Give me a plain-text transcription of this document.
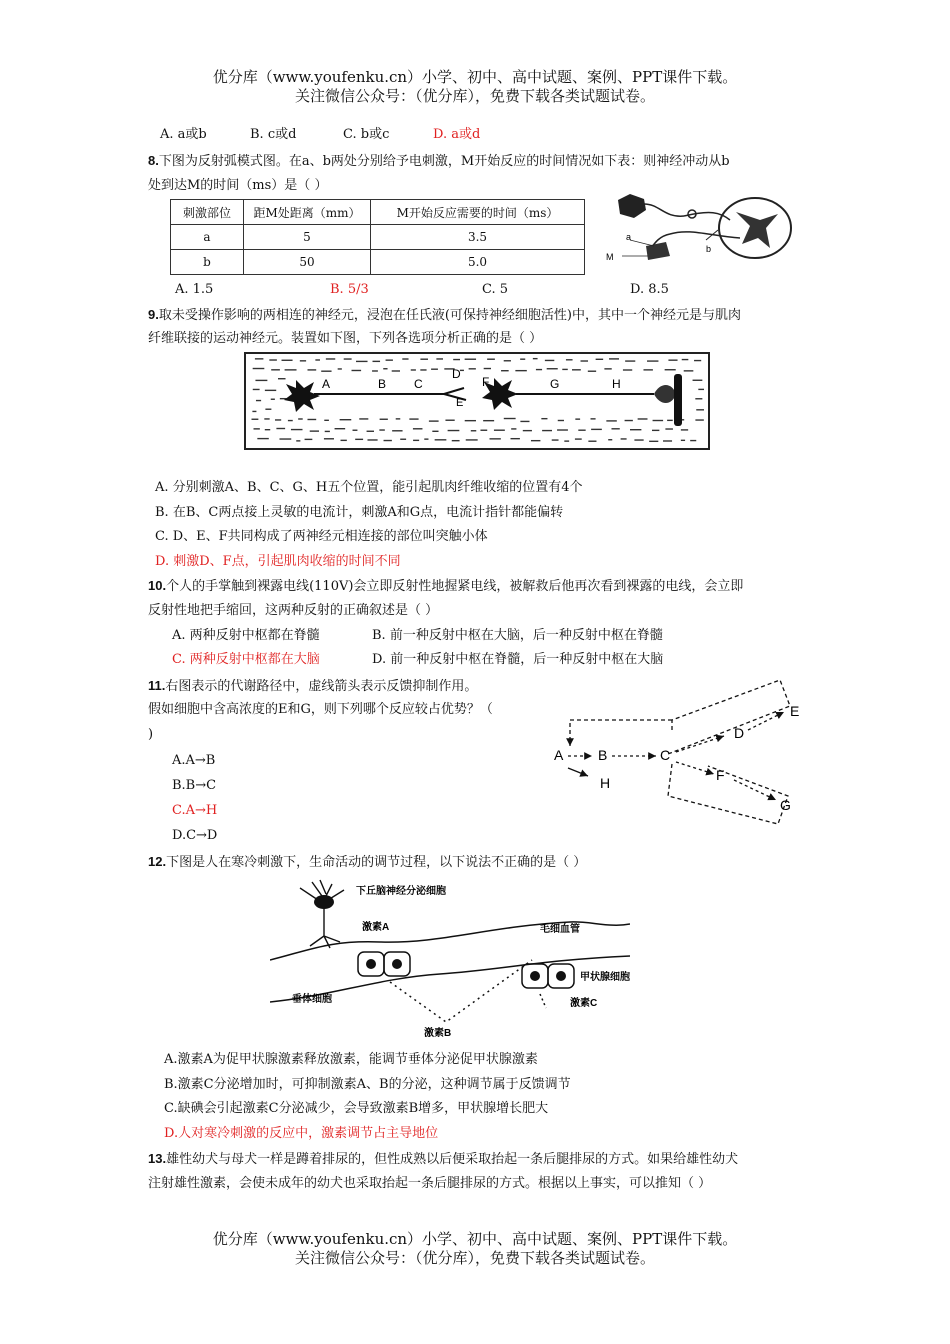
优分库（www.youfenku.cn）小学、初中、高中试题、案例、PPT课件下载。
关注微信公众号：（优分库），免费下载各类试题试卷。
A. a或b	B. c或d	C. b或c	D. a或d
8.下图为反射弧模式图。在a、b两处分别给予电刺激，M开始反应的时间情况如下表：则神经冲动从b
处到达M的时间（ms）是（ ）
刺激部位	距M处距离（mm）	M开始反应需要的时间（ms）
a	5	3.5
b	50	5.0
a
b
M
A. 1.5	B. 5/3	C. 5	D. 8.5
9.取未受操作影响的两相连的神经元，浸泡在任氏液(可保持神经细胞活性)中，其中一个神经元是与肌肉
纤维联接的运动神经元。装置如下图，下列各选项分析正确的是（ ）
A	B C
D
E
F	G	H
A. 分别刺激A、B、C、G、H五个位置，能引起肌肉纤维收缩的位置有4个
B. 在B、C两点接上灵敏的电流计，刺激A和G点，电流计指针都能偏转
C. D、E、F共同构成了两神经元相连接的部位叫突触小体
D. 刺激D、F点，引起肌肉收缩的时间不同
10.个人的手掌触到裸露电线(110V)会立即反射性地握紧电线，被解救后他再次看到裸露的电线，会立即
反射性地把手缩回，这两种反射的正确叙述是（ ）
A. 两种反射中枢都在脊髓	B. 前一种反射中枢在大脑，后一种反射中枢在脊髓
C. 两种反射中枢都在大脑	D. 前一种反射中枢在脊髓，后一种反射中枢在大脑
11.右图表示的代谢路径中，虚线箭头表示反馈抑制作用。
假如细胞中含高浓度的E和G，则下列哪个反应较占优势？（
)
A.A→B
B.B→C
C.A→H
D.C→D
A B	C
D
E
F
G
H
12.下图是人在寒冷刺激下，生命活动的调节过程，以下说法不正确的是（ ）
下丘脑神经分泌细胞
激素A	毛细血管
甲状腺细胞
垂体细胞
激素B
激素C
A.激素A为促甲状腺激素释放激素，能调节垂体分泌促甲状腺激素
B.激素C分泌增加时，可抑制激素A、B的分泌，这种调节属于反馈调节
C.缺碘会引起激素C分泌减少，会导致激素B增多，甲状腺增长肥大
D.人对寒冷刺激的反应中，激素调节占主导地位
13.雄性幼犬与母犬一样是蹲着排尿的，但性成熟以后便采取抬起一条后腿排尿的方式。如果给雄性幼犬
注射雄性激素，会使未成年的幼犬也采取抬起一条后腿排尿的方式。根据以上事实，可以推知（ ）
优分库（www.youfenku.cn）小学、初中、高中试题、案例、PPT课件下载。
关注微信公众号：（优分库），免费下载各类试题试卷。
